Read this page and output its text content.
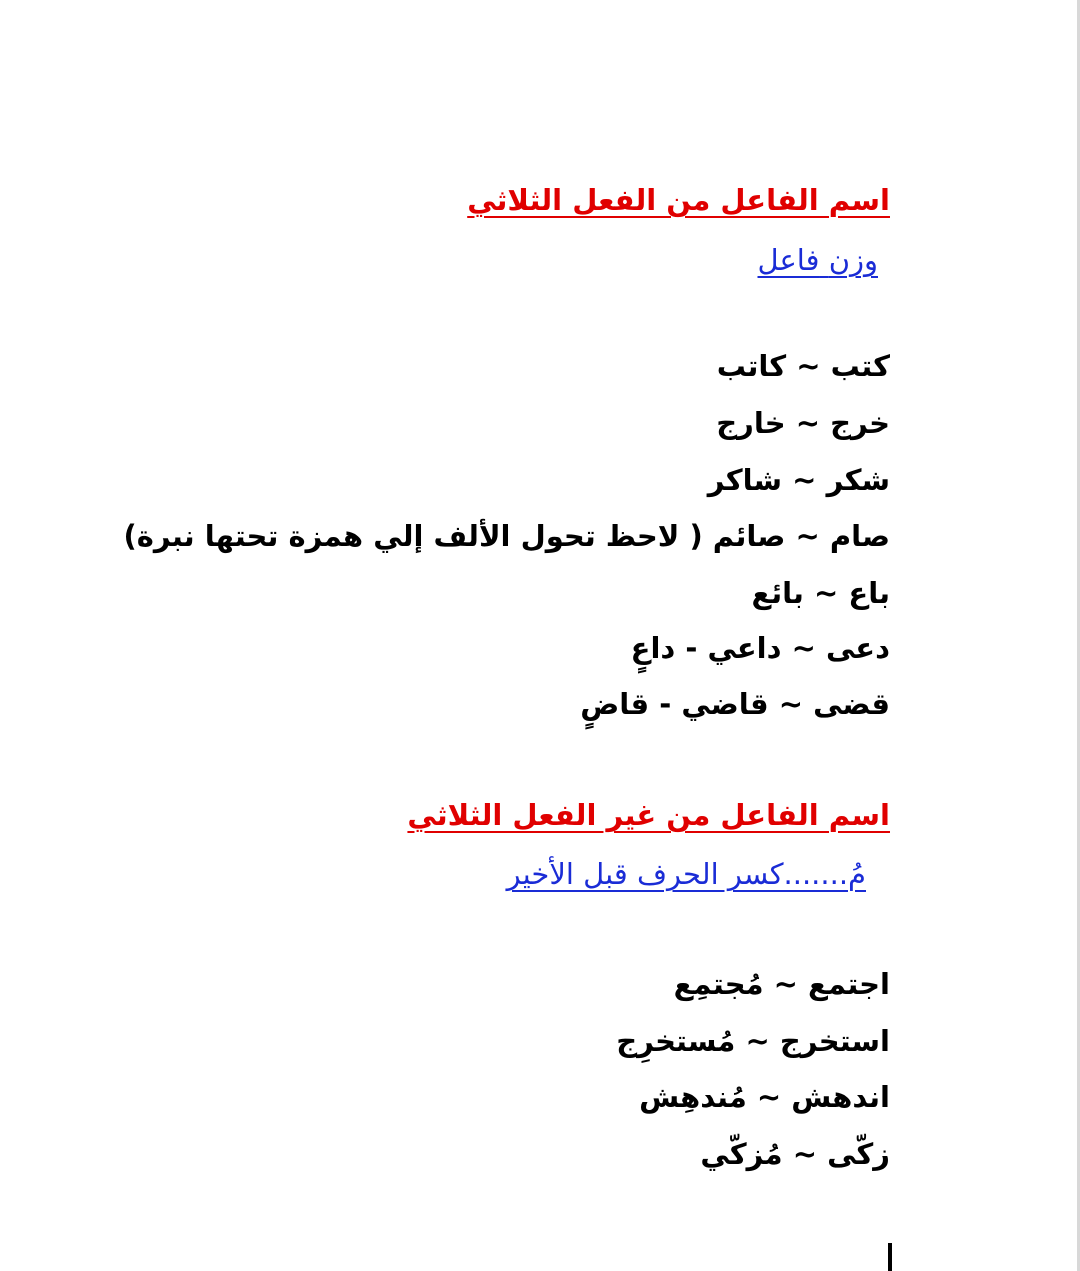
اسم الفاعل من الفعل الثلاثي
وزن فاعل
كتب ~ كاتب
خرج ~ خارج
شكر ~ شاكر
صام ~ صائم ( لاحظ تحول الألف إلي همزة تحتها نبرة)
باع ~ بائع
دعى ~ داعي - داعٍ
قضى ~ قاضي - قاضٍ
اسم الفاعل من غير الفعل الثلاثي
مُ.......كسر الحرف قبل الأخير
اجتمع ~ مُجتمِع
استخرج ~ مُستخرِج
اندهش ~ مُندهِش
زكّى ~ مُزكّي
